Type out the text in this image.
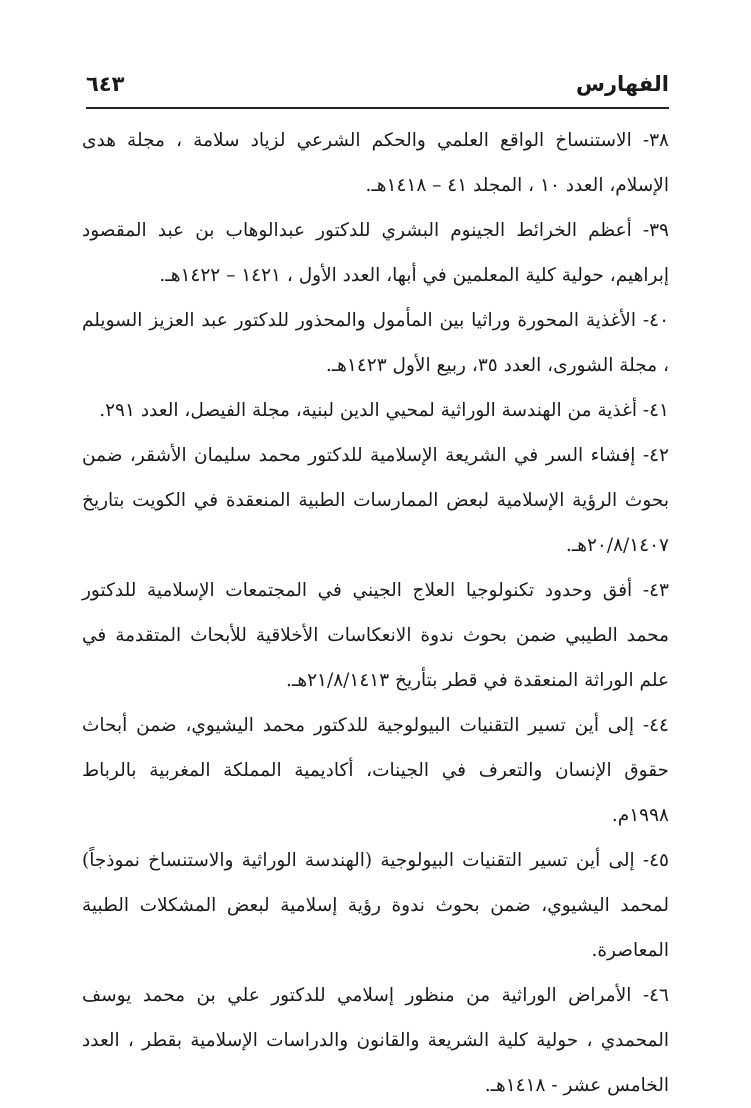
الفهارس
٦٤٣

٣٨- الاستنساخ الواقع العلمي والحكم الشرعي لزياد سلامة ، مجلة هدى الإسلام، العدد ١٠ ، المجلد ٤١ – ١٤١٨هـ.

٣٩- أعظم الخرائط الجينوم البشري للدكتور عبدالوهاب بن عبد المقصود إبراهيم، حولية كلية المعلمين في أبها، العدد الأول ، ١٤٢١ – ١٤٢٢هـ.

٤٠- الأغذية المحورة وراثيا بين المأمول والمحذور للدكتور عبد العزيز السويلم ، مجلة الشورى، العدد ٣٥، ربيع الأول ١٤٢٣هـ.

٤١- أغذية من الهندسة الوراثية لمحيي الدين لبنية، مجلة الفيصل، العدد ٢٩١.

٤٢- إفشاء السر في الشريعة الإسلامية للدكتور محمد سليمان الأشقر، ضمن بحوث الرؤية الإسلامية لبعض الممارسات الطبية المنعقدة في الكويت بتاريخ ٢٠/٨/١٤٠٧هـ.

٤٣- أفق وحدود تكنولوجيا العلاج الجيني في المجتمعات الإسلامية للدكتور محمد الطيبي ضمن بحوث ندوة الانعكاسات الأخلاقية للأبحاث المتقدمة في علم الوراثة المنعقدة في قطر بتأريخ ٢١/٨/١٤١٣هـ.

٤٤- إلى أين تسير التقنيات البيولوجية للدكتور محمد اليشيوي، ضمن أبحاث حقوق الإنسان والتعرف في الجينات، أكاديمية المملكة المغربية بالرباط ١٩٩٨م.

٤٥- إلى أين تسير التقنيات البيولوجية (الهندسة الوراثية والاستنساخ نموذجاً) لمحمد اليشيوي، ضمن بحوث ندوة رؤية إسلامية لبعض المشكلات الطبية المعاصرة.

٤٦- الأمراض الوراثية من منظور إسلامي للدكتور علي بن محمد يوسف المحمدي ، حولية كلية الشريعة والقانون والدراسات الإسلامية بقطر ، العدد الخامس عشر - ١٤١٨هـ.
